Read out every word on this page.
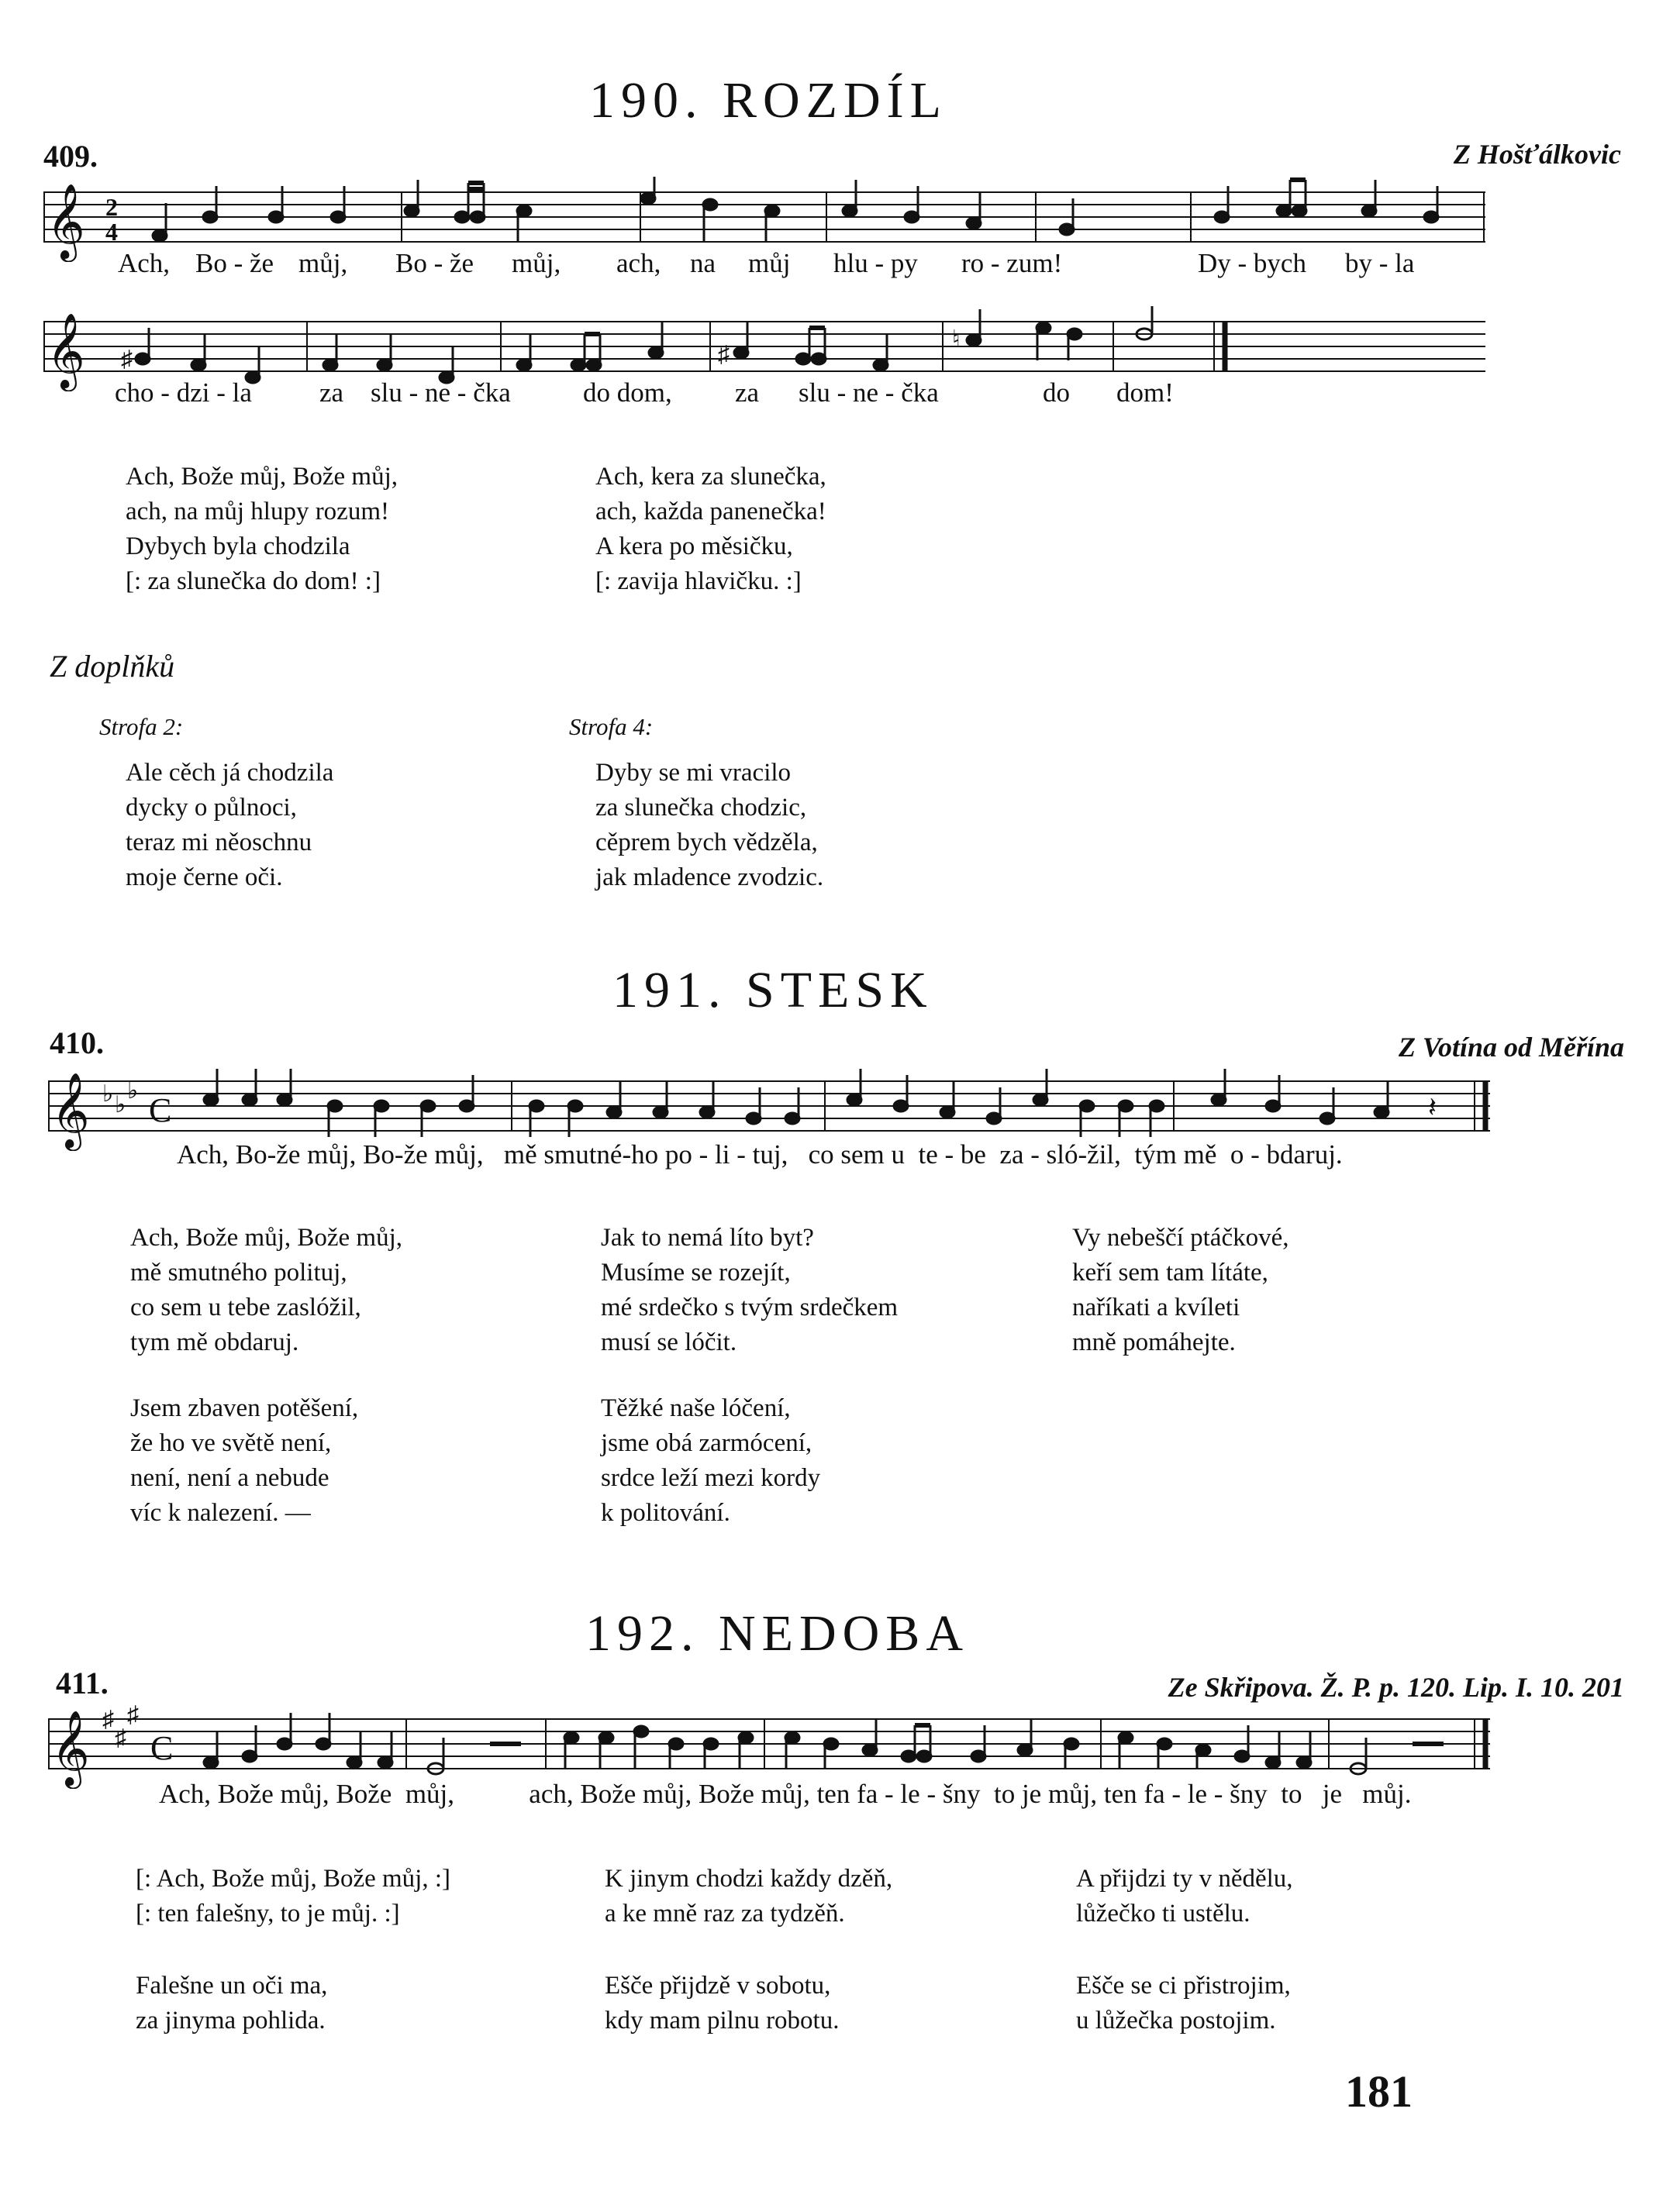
190. ROZDÍL
409.	Z Hošťálkovic
𝄞 2
4
Ach, Bo - že můj, Bo - že můj, ach, na můj hlu - py ro - zum!	Dy - bych by - la
𝄞 ♯	♯
♮
cho - dzi - la za slu - ne - čka	do dom, za slu - ne - čka	do dom!
Ach, Bože můj, Bože můj,
ach, na můj hlupy rozum!
Dybych byla chodzila
[: za slunečka do dom! :]
Ach, kera za slunečka,
ach, každa panenečka!
A kera po měsičku,
[: zavija hlavičku. :]
Z doplňků
Strofa 2:	Strofa 4:
Ale cěch já chodzila
dycky o půlnoci,
teraz mi něoschnu
moje černe oči.
Dyby se mi vracilo
za slunečka chodzic,
cěprem bych vědzěla,
jak mladence zvodzic.
191. STESK
410.	Z Votína od Měřína
𝄞 ♭ ♭
♭
C	𝄽
Ach, Bo-že můj, Bo-že můj,   mě smutné-ho po - li - tuj,   co sem u  te - be  za - sló-žil,  tým mě  o - bdaruj.
Ach, Bože můj, Bože můj,
mě smutného polituj,
co sem u tebe zaslóžil,
tym mě obdaruj.
Jak to nemá líto byt?
Musíme se rozejít,
mé srdečko s tvým srdečkem
musí se lóčit.
Vy nebeščí ptáčkové,
keří sem tam lítáte,
naříkati a kvíleti
mně pomáhejte.
Jsem zbaven potěšení,
že ho ve světě není,
není, není a nebude
víc k nalezení. —
Těžké naše lóčení,
jsme obá zarmócení,
srdce leží mezi kordy
k politování.
192. NEDOBA
411.	Ze Skřipova. Ž. P. p. 120. Lip. I. 10. 201
𝄞 ♯
♯
♯
C
Ach, Bože můj, Bože  můj,           ach, Bože můj, Bože můj, ten fa - le - šny  to je můj, ten fa - le - šny  to   je   můj.
[: Ach, Bože můj, Bože můj, :]
[: ten falešny, to je můj. :]
K jinym chodzi každy dzěň,
a ke mně raz za tydzěň.
A přijdzi ty v nědělu,
lůžečko ti ustělu.
Falešne un oči ma,
za jinyma pohlida.
Ešče přijdzě v sobotu,
kdy mam pilnu robotu.
Ešče se ci přistrojim,
u lůžečka postojim.
181
